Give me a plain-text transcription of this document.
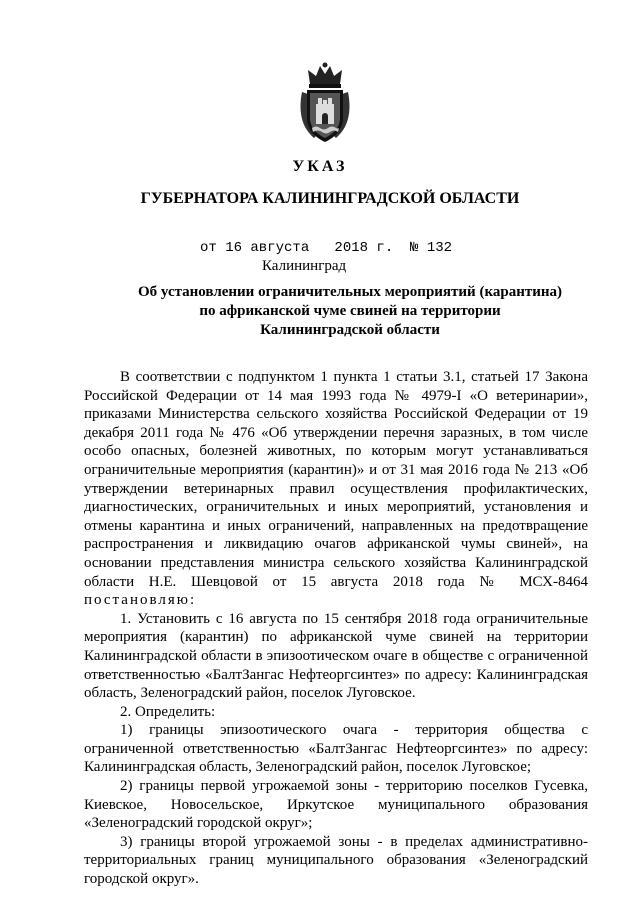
УКАЗ
ГУБЕРНАТОРА КАЛИНИНГРАДСКОЙ ОБЛАСТИ
от 16 августа   2018 г.  № 132
Калининград
Об установлении ограничительных мероприятий (карантина)
по африканской чуме свиней на территории
Калининградской области

В соответствии с подпунктом 1 пункта 1 статьи 3.1, статьей 17 Закона Российской Федерации от 14 мая 1993 года № 4979-I «О ветеринарии», приказами Министерства сельского хозяйства Российской Федерации от 19 декабря 2011 года № 476 «Об утверждении перечня заразных, в том числе особо опасных, болезней животных, по которым могут устанавливаться ограничительные мероприятия (карантин)» и от 31 мая 2016 года № 213 «Об утверждении ветеринарных правил осуществления профилактических, диагностических, ограничительных и иных мероприятий, установления и отмены карантина и иных ограничений, направленных на предотвращение распространения и ликвидацию очагов африканской чумы свиней», на основании представления министра сельского хозяйства Калининградской области Н.Е. Шевцовой от 15 августа 2018 года № МСХ-8464 постановляю:

1. Установить с 16 августа по 15 сентября 2018 года ограничительные мероприятия (карантин) по африканской чуме свиней на территории Калининградской области в эпизоотическом очаге в обществе с ограниченной ответственностью «БалтЗангас Нефтеоргсинтез» по адресу: Калининградская область, Зеленоградский район, поселок Луговское.

2. Определить:

1) границы эпизоотического очага - территория общества с ограниченной ответственностью «БалтЗангас Нефтеоргсинтез» по адресу: Калининградская область, Зеленоградский район, поселок Луговское;

2) границы первой угрожаемой зоны - территорию поселков Гусевка, Киевское, Новосельское, Иркутское муниципального образования «Зеленоградский городской округ»;

3) границы второй угрожаемой зоны - в пределах административно-территориальных границ муниципального образования «Зеленоградский городской округ».
